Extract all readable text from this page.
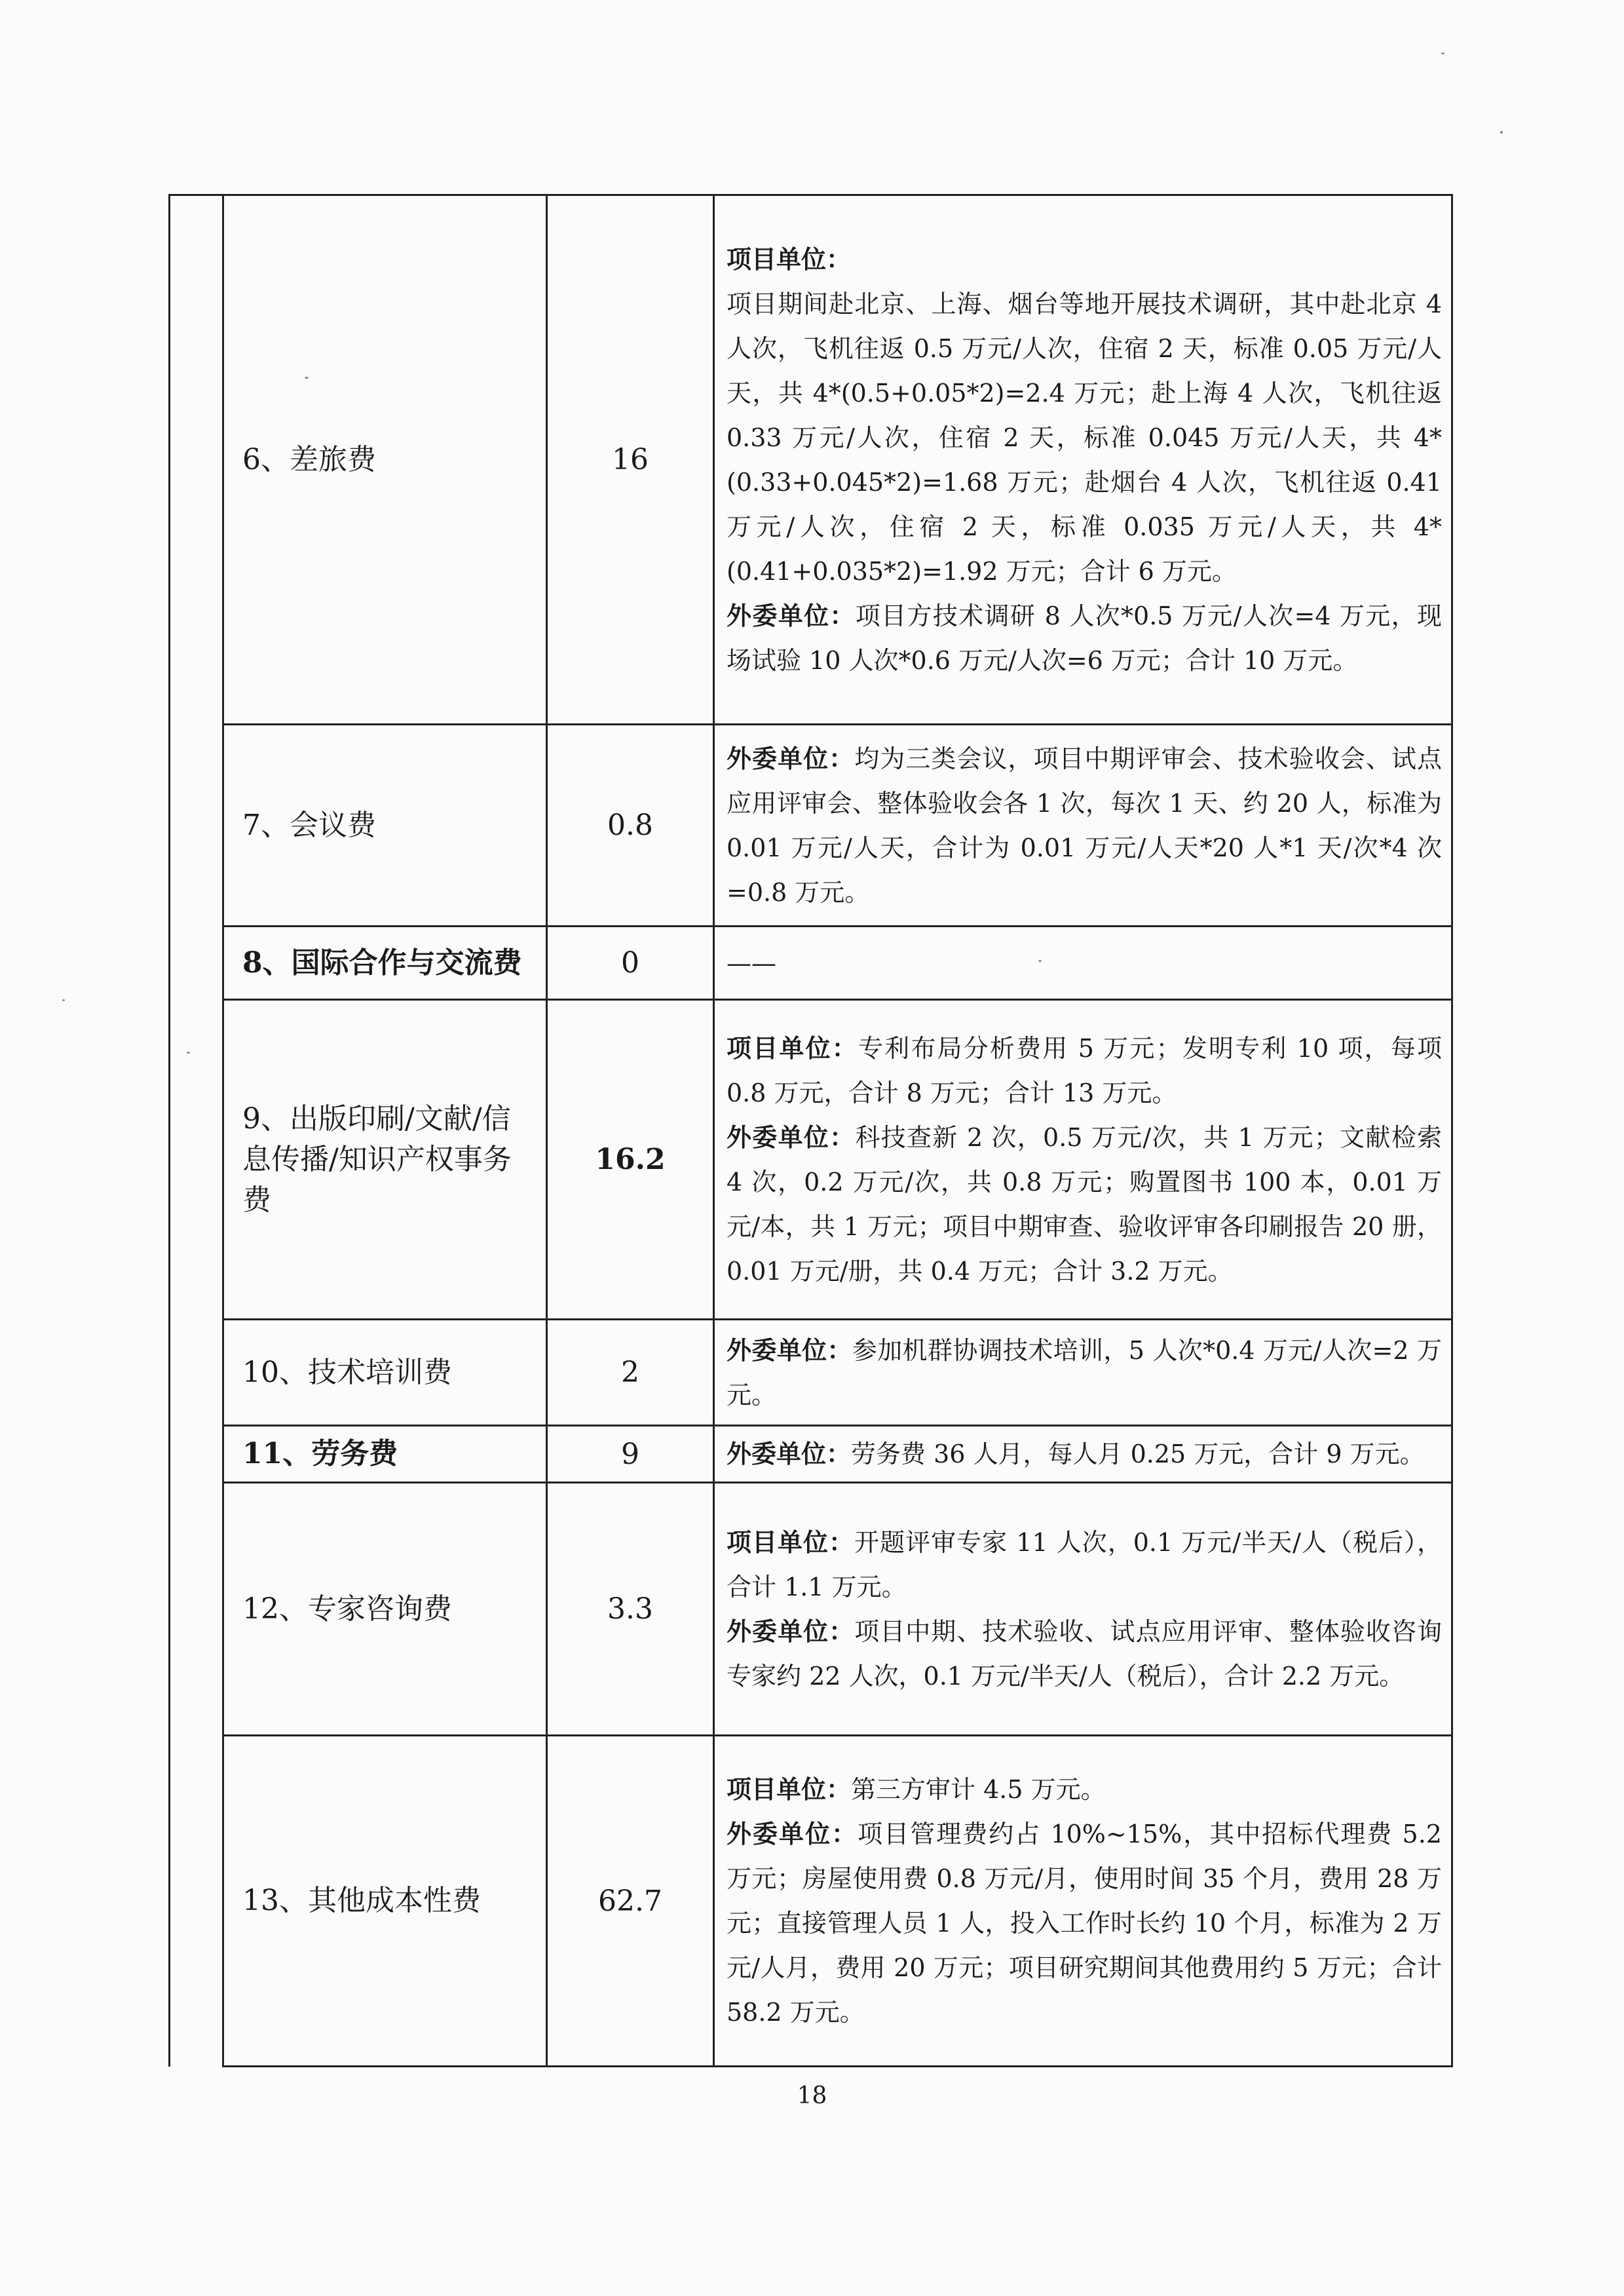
	6、差旅费	16	项目单位：

项目期间赴北京、上海、烟台等地开展技术调研，其中赴北京 4 人次，飞机往返 0.5 万元/人次，住宿 2 天，标准 0.05 万元/人天，共 4*(0.5+0.05*2)=2.4 万元；赴上海 4 人次，飞机往返 0.33 万元/人次，住宿 2 天，标准 0.045 万元/人天，共 4*(0.33+0.045*2)=1.68 万元；赴烟台 4 人次，飞机往返 0.41 万元/人次，住宿 2 天，标准 0.035 万元/人天，共 4*(0.41+0.035*2)=1.92 万元；合计 6 万元。

外委单位：项目方技术调研 8 人次*0.5 万元/人次=4 万元，现场试验 10 人次*0.6 万元/人次=6 万元；合计 10 万元。

	7、会议费	0.8	外委单位：均为三类会议，项目中期评审会、技术验收会、试点应用评审会、整体验收会各 1 次，每次 1 天、约 20 人，标准为 0.01 万元/人天，合计为 0.01 万元/人天*20 人*1 天/次*4 次=0.8 万元。

	8、国际合作与交流费	0	——

	9、出版印刷/文献/信息传播/知识产权事务费	16.2	项目单位：专利布局分析费用 5 万元；发明专利 10 项，每项 0.8 万元，合计 8 万元；合计 13 万元。

外委单位：科技查新 2 次，0.5 万元/次，共 1 万元；文献检索 4 次，0.2 万元/次，共 0.8 万元；购置图书 100 本，0.01 万元/本，共 1 万元；项目中期审查、验收评审各印刷报告 20 册，0.01 万元/册，共 0.4 万元；合计 3.2 万元。

	10、技术培训费	2	外委单位：参加机群协调技术培训，5 人次*0.4 万元/人次=2 万元。

	11、劳务费	9	外委单位：劳务费 36 人月，每人月 0.25 万元，合计 9 万元。

	12、专家咨询费	3.3	项目单位：开题评审专家 11 人次，0.1 万元/半天/人（税后），合计 1.1 万元。

外委单位：项目中期、技术验收、试点应用评审、整体验收咨询专家约 22 人次，0.1 万元/半天/人（税后），合计 2.2 万元。

	13、其他成本性费	62.7	项目单位：第三方审计 4.5 万元。

外委单位：项目管理费约占 10%~15%，其中招标代理费 5.2 万元；房屋使用费 0.8 万元/月，使用时间 35 个月，费用 28 万元；直接管理人员 1 人，投入工作时长约 10 个月，标准为 2 万元/人月，费用 20 万元；项目研究期间其他费用约 5 万元；合计 58.2 万元。

18
